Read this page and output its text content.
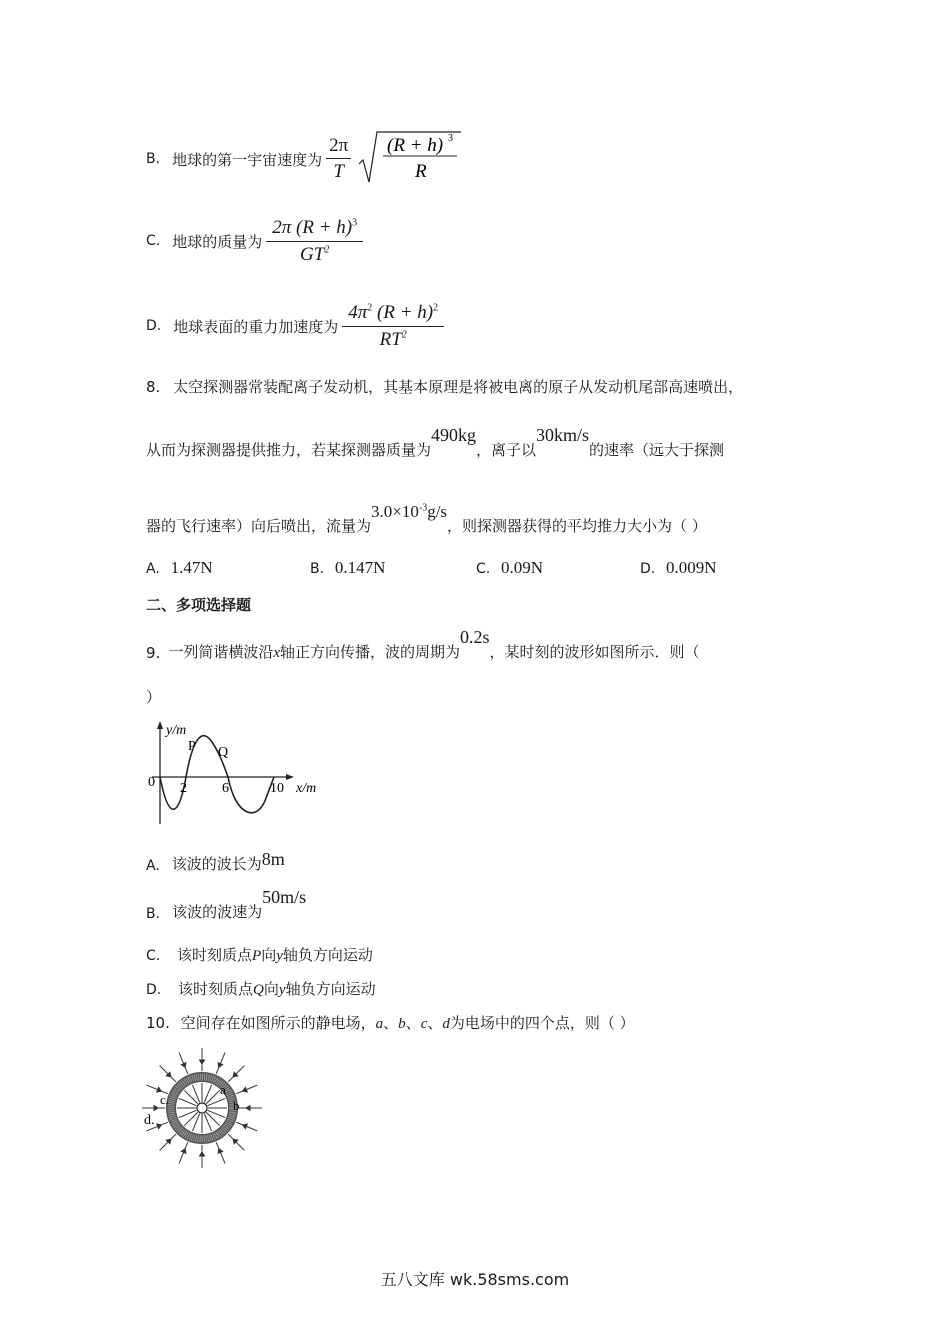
B. 地球的第一宇宙速度为 $\frac{2\pi}{T} (R + h)$ 3
R
C. 地球的质量为 $\frac{2\pi (R + h)^3}{GT^2}$
D. 地球表面的重力加速度为 $\frac{4\pi^2 (R + h)^2}{RT^2}$
8. 太空探测器常装配离子发动机，其基本原理是将被电离的原子从发动机尾部高速喷出，
从而为探测器提供推力，若某探测器质量为
490kg
，离子以
30km/s
的速率（远大于探测
器的飞行速率）向后喷出，流量为
$3.0\times 10^{-3}g/s$
，则探测器获得的平均推力大小为（ ）
A. 1.47N	B. 0.147N	C. 0.09N	D. 0.009N
二、多项选择题
9. 一列简谐横波沿 x 轴正方向传播，波的周期为
0.2s
，某时刻的波形如图所示．则（
）
y/m
x/m
0 2	6	10
P Q
A. 该波的波长为 8m
B. 该波的波速为
50m/s
C. 该时刻质点P向y轴负方向运动
D. 该时刻质点Q向y轴负方向运动
10. 空间存在如图所示的静电场，a、b、c、d为电场中的四个点，则（ ）
a
b
c.
d.
五八文库 wk.58sms.com
